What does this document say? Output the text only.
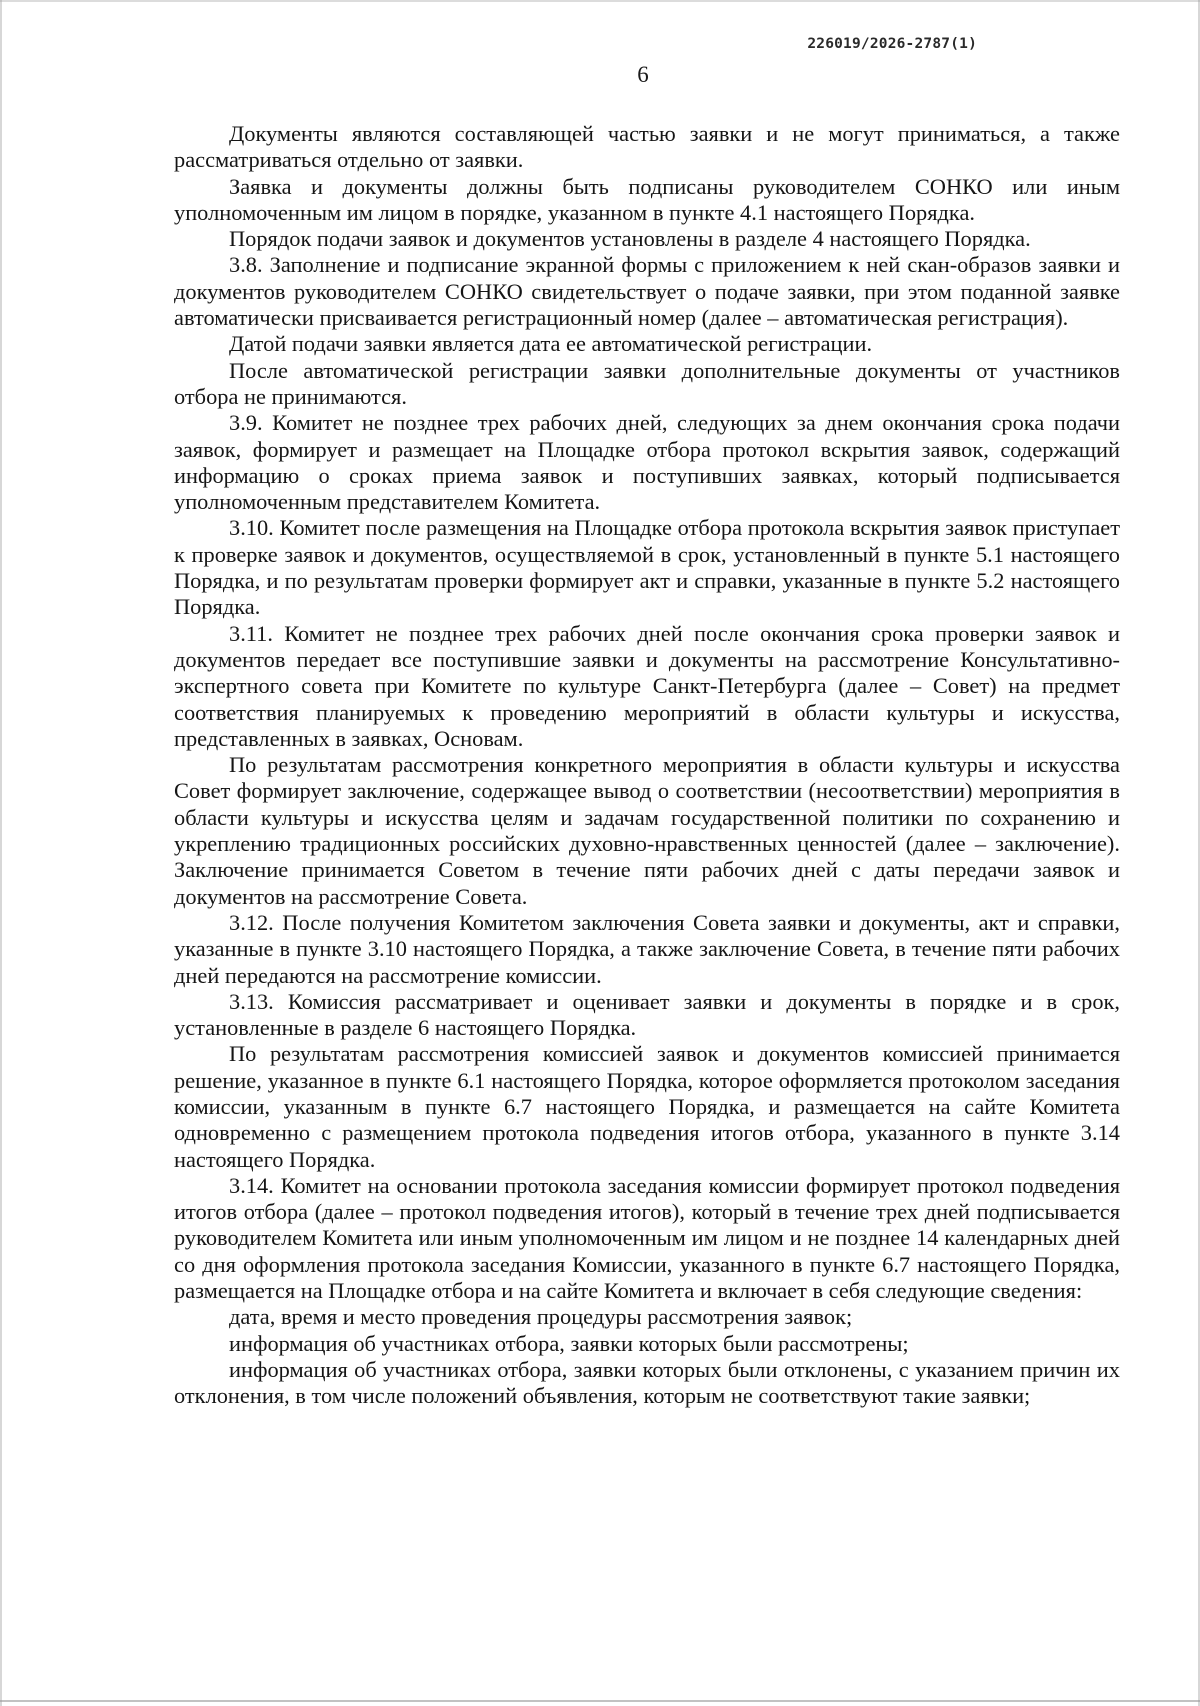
226019/2026-2787(1)
6

Документы являются составляющей частью заявки и не могут приниматься, а также рассматриваться отдельно от заявки.

Заявка и документы должны быть подписаны руководителем СОНКО или иным уполномоченным им лицом в порядке, указанном в пункте 4.1 настоящего Порядка.

Порядок подачи заявок и документов установлены в разделе 4 настоящего Порядка.

3.8. Заполнение и подписание экранной формы с приложением к ней скан-образов заявки и документов руководителем СОНКО свидетельствует о подаче заявки, при этом поданной заявке автоматически присваивается регистрационный номер (далее – автоматическая регистрация).

Датой подачи заявки является дата ее автоматической регистрации.

После автоматической регистрации заявки дополнительные документы от участников отбора не принимаются.

3.9. Комитет не позднее трех рабочих дней, следующих за днем окончания срока подачи заявок, формирует и размещает на Площадке отбора протокол вскрытия заявок, содержащий информацию о сроках приема заявок и поступивших заявках, который подписывается уполномоченным представителем Комитета.

3.10. Комитет после размещения на Площадке отбора протокола вскрытия заявок приступает к проверке заявок и документов, осуществляемой в срок, установленный в пункте 5.1 настоящего Порядка, и по результатам проверки формирует акт и справки, указанные в пункте 5.2 настоящего Порядка.

3.11. Комитет не позднее трех рабочих дней после окончания срока проверки заявок и документов передает все поступившие заявки и документы на рассмотрение Консультативно-экспертного совета при Комитете по культуре Санкт-Петербурга (далее – Совет) на предмет соответствия планируемых к проведению мероприятий в области культуры и искусства, представленных в заявках, Основам.

По результатам рассмотрения конкретного мероприятия в области культуры и искусства Совет формирует заключение, содержащее вывод о соответствии (несоответствии) мероприятия в области культуры и искусства целям и задачам государственной политики по сохранению и укреплению традиционных российских духовно-нравственных ценностей (далее – заключение). Заключение принимается Советом в течение пяти рабочих дней с даты передачи заявок и документов на рассмотрение Совета.

3.12. После получения Комитетом заключения Совета заявки и документы, акт и справки, указанные в пункте 3.10 настоящего Порядка, а также заключение Совета, в течение пяти рабочих дней передаются на рассмотрение комиссии.

3.13. Комиссия рассматривает и оценивает заявки и документы в порядке и в срок, установленные в разделе 6 настоящего Порядка.

По результатам рассмотрения комиссией заявок и документов комиссией принимается решение, указанное в пункте 6.1 настоящего Порядка, которое оформляется протоколом заседания комиссии, указанным в пункте 6.7 настоящего Порядка, и размещается на сайте Комитета одновременно с размещением протокола подведения итогов отбора, указанного в пункте 3.14 настоящего Порядка.

3.14. Комитет на основании протокола заседания комиссии формирует протокол подведения итогов отбора (далее – протокол подведения итогов), который в течение трех дней подписывается руководителем Комитета или иным уполномоченным им лицом и не позднее 14 календарных дней со дня оформления протокола заседания Комиссии, указанного в пункте 6.7 настоящего Порядка, размещается на Площадке отбора и на сайте Комитета и включает в себя следующие сведения:

дата, время и место проведения процедуры рассмотрения заявок;

информация об участниках отбора, заявки которых были рассмотрены;

информация об участниках отбора, заявки которых были отклонены, с указанием причин их отклонения, в том числе положений объявления, которым не соответствуют такие заявки;
